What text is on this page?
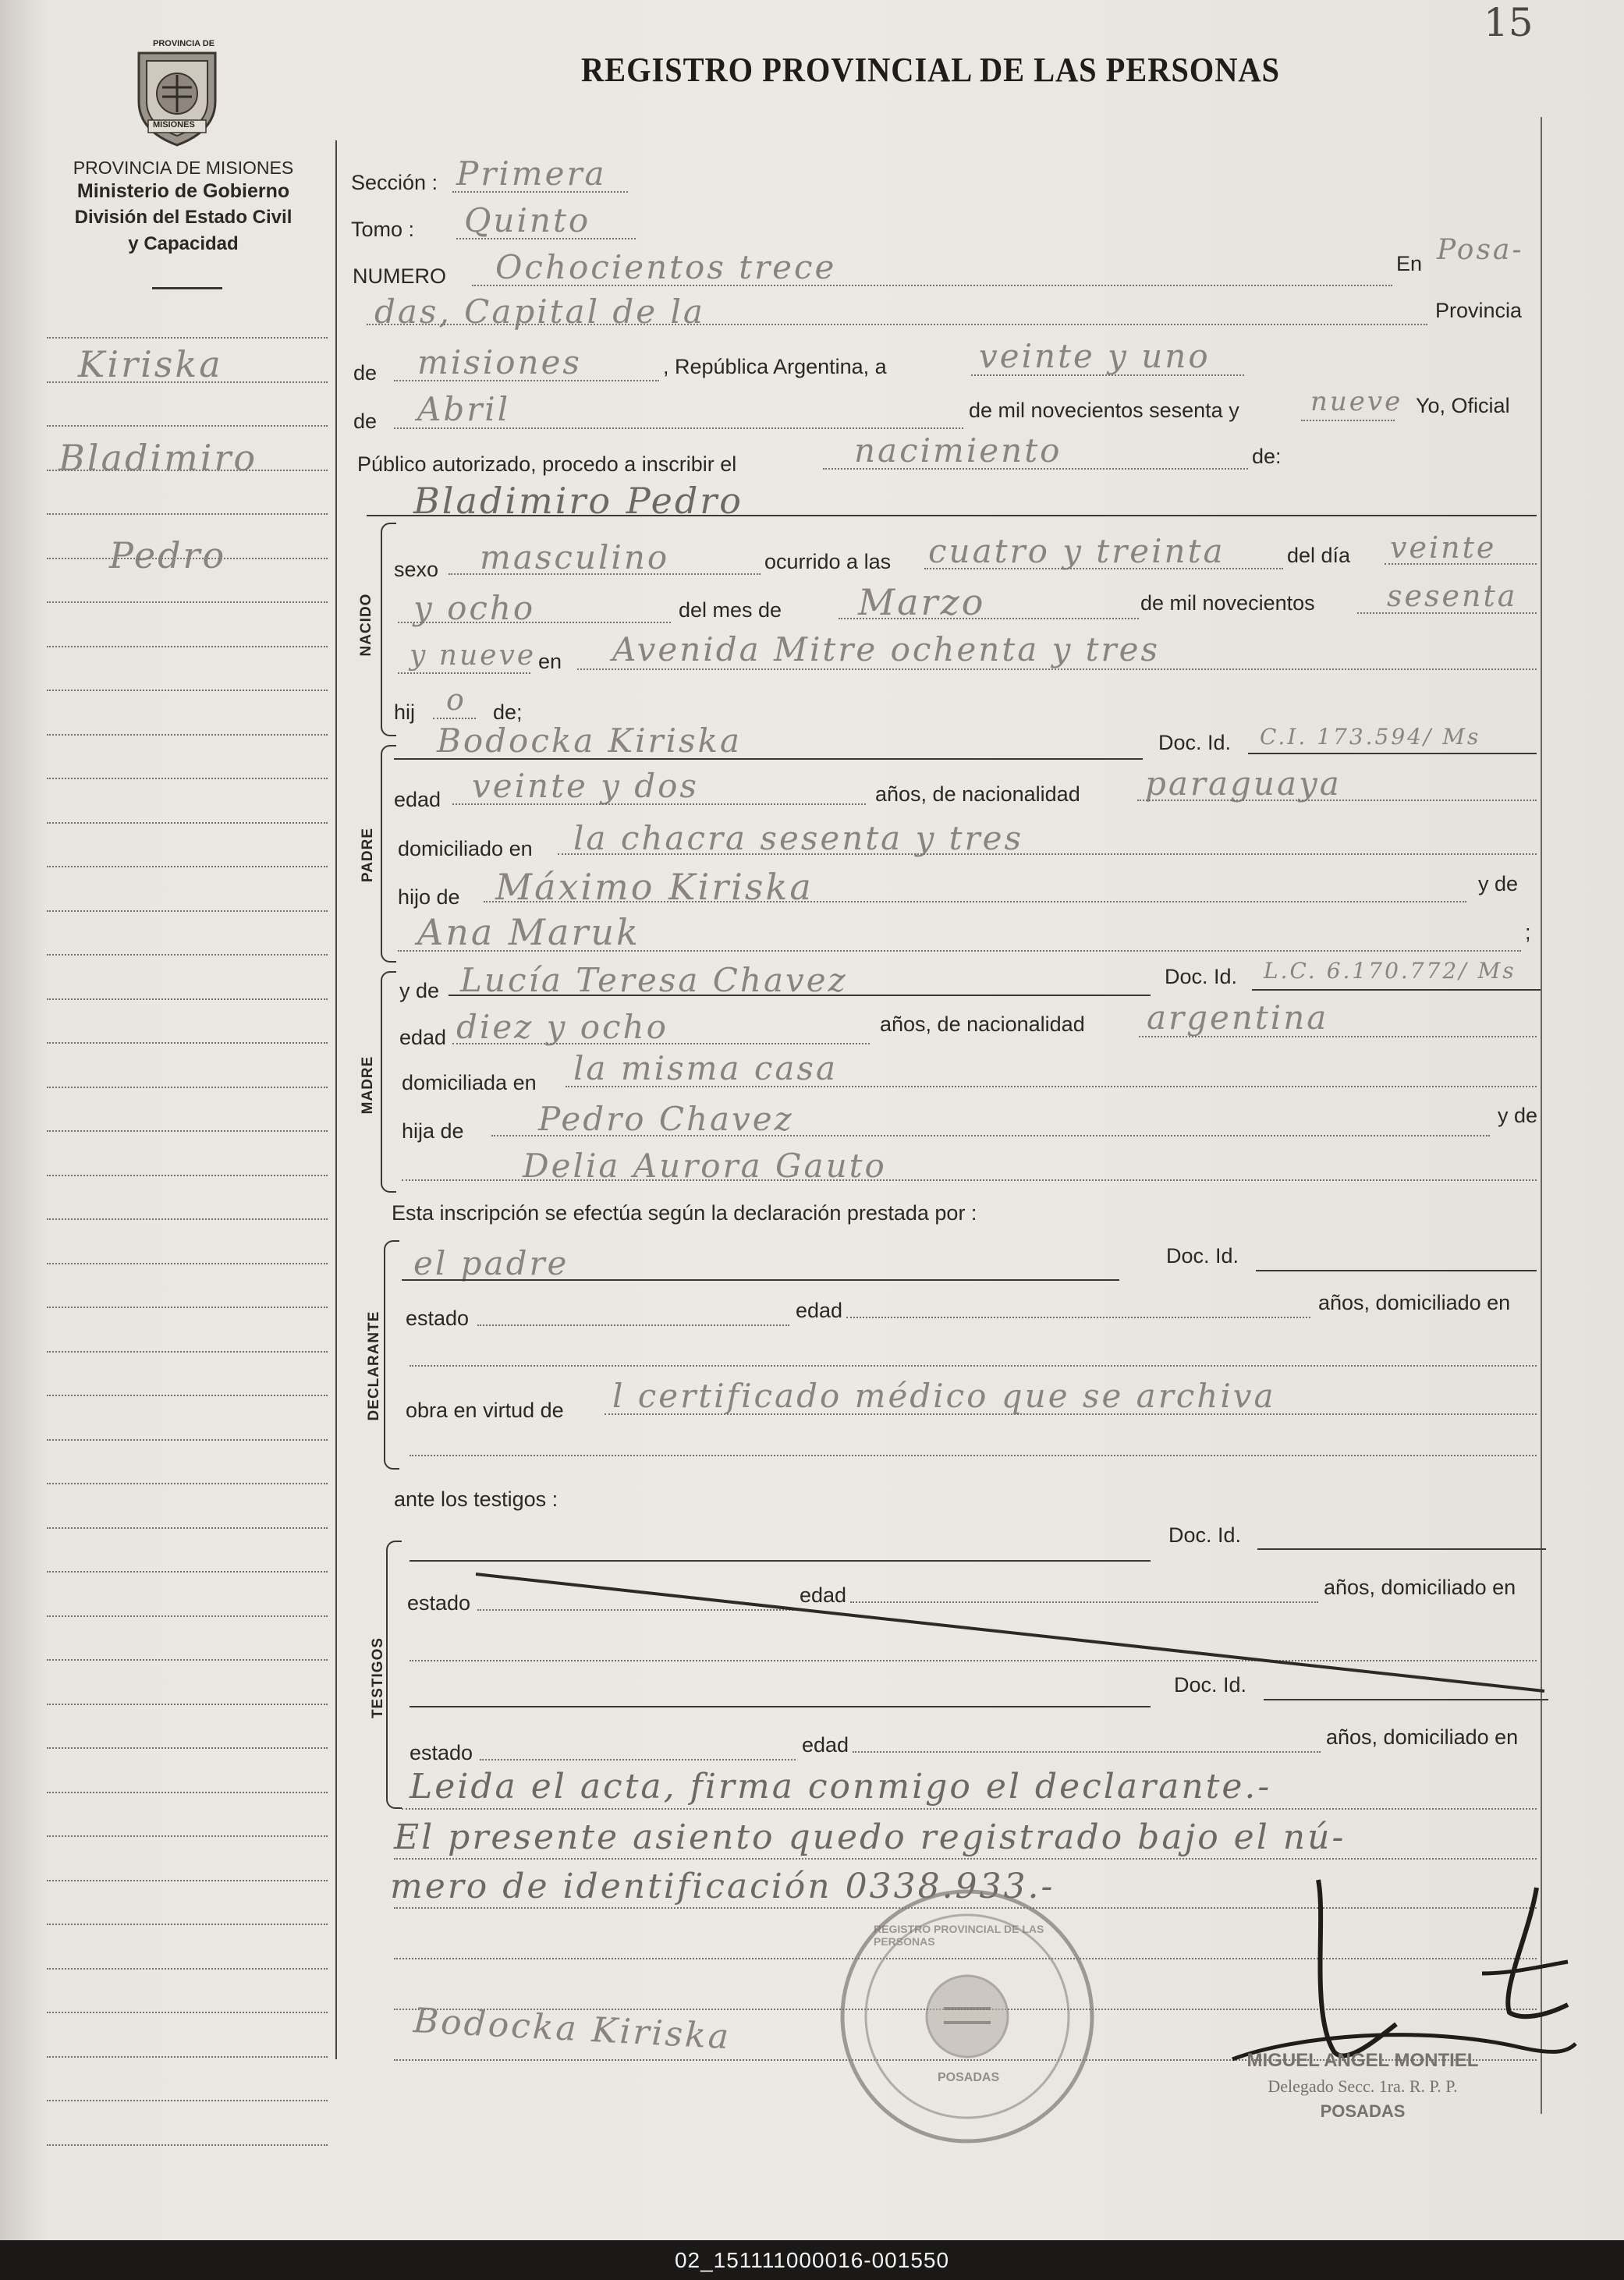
15
REGISTRO PROVINCIAL DE LAS PERSONAS
MISIONES
PROVINCIA DE
PROVINCIA DE MISIONES
Ministerio de Gobierno
División del Estado Civil
y Capacidad
Kiriska
Bladimiro
Pedro
Sección : Primera
Tomo : Quinto
NUMERO Ochocientos trece	En Posa-
das, Capital de la	Provincia
de misiones	, República Argentina, a	veinte y uno
de Abril	de mil novecientos sesenta y	nueve Yo, Oficial
Público autorizado, procedo a inscribir el	nacimiento	de:
Bladimiro Pedro
NACIDO
sexo masculino	ocurrido a las cuatro y treinta	del día veinte
y ocho	del mes de Marzo	de mil novecientos sesenta
y nueve en Avenida Mitre ochenta y tres
hij o de;
PADRE
Bodocka Kiriska	Doc. Id. C.I. 173.594/ Ms
edad veinte y dos	años, de nacionalidad paraguaya
domiciliado en la chacra sesenta y tres
hijo de Máximo Kiriska	y de
Ana Maruk	;
MADRE
y de Lucía Teresa Chavez	Doc. Id. L.C. 6.170.772/ Ms
edad diez y ocho	años, de nacionalidad argentina
domiciliada en la misma casa
hija de Pedro Chavez	y de
Delia Aurora Gauto
Esta inscripción se efectúa según la declaración prestada por :
DECLARANTE
el padre	Doc. Id.
estado	edad	años, domiciliado en
obra en virtud de l certificado médico que se archiva
ante los testigos :
TESTIGOS
Doc. Id.
estado	edad	años, domiciliado en
Doc. Id.
estado	edad	años, domiciliado en
Leida el acta, firma conmigo el declarante.-
El presente asiento quedo registrado bajo el nú-
mero de identificación 0338.933.-
Bodocka Kiriska
REGISTRO PROVINCIAL DE LAS PERSONAS
POSADAS
MIGUEL ANGEL MONTIEL
Delegado Secc. 1ra. R. P. P.
POSADAS
02_151111000016-001550
